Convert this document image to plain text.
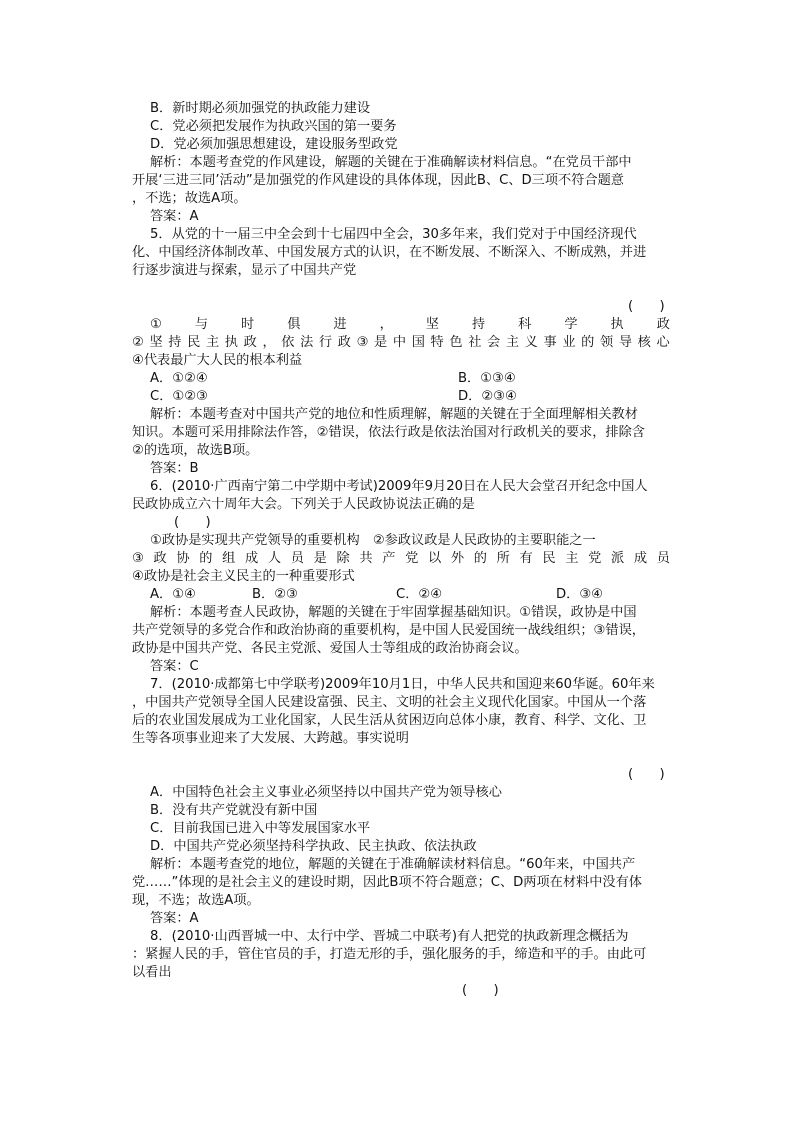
B．新时期必须加强党的执政能力建设
C．党必须把发展作为执政兴国的第一要务
D．党必须加强思想建设，建设服务型政党
解析：本题考查党的作风建设，解题的关键在于准确解读材料信息。“在党员干部中
开展‘三进三同’活动”是加强党的作风建设的具体体现，因此B、C、D三项不符合题意
，不选；故选A项。
答案：A
5．从党的十一届三中全会到十七届四中全会，30多年来，我们党对于中国经济现代
化、中国经济体制改革、中国发展方式的认识，在不断发展、不断深入、不断成熟，并进
行逐步演进与探索，显示了中国共产党
(　　)
①	与	时	俱	进	，	坚	持	科	学	执	政
② 坚 持 民 主 执 政 ， 依 法 行 政 ③ 是 中 国 特 色 社 会 主 义 事 业 的 领 导 核 心
④代表最广大人民的根本利益
A．①②④	B．①③④
C．①②③	D．②③④
解析：本题考查对中国共产党的地位和性质理解，解题的关键在于全面理解相关教材
知识。本题可采用排除法作答，②错误，依法行政是依法治国对行政机关的要求，排除含
②的选项，故选B项。
答案：B
6．(2010·广西南宁第二中学期中考试)2009年9月20日在人民大会堂召开纪念中国人
民政协成立六十周年大会。下列关于人民政协说法正确的是
(　　)
①政协是实现共产党领导的重要机构　②参政议政是人民政协的主要职能之一
③ 政 协 的 组 成 人 员 是 除 共 产 党 以 外 的 所 有 民 主 党 派 成 员
④政协是社会主义民主的一种重要形式
A．①④	B．②③	C．②④	D．③④
解析：本题考查人民政协，解题的关键在于牢固掌握基础知识。①错误，政协是中国
共产党领导的多党合作和政治协商的重要机构，是中国人民爱国统一战线组织；③错误，
政协是中国共产党、各民主党派、爱国人士等组成的政治协商会议。
答案：C
7．(2010·成都第七中学联考)2009年10月1日，中华人民共和国迎来60华诞。60年来
，中国共产党领导全国人民建设富强、民主、文明的社会主义现代化国家。中国从一个落
后的农业国发展成为工业化国家，人民生活从贫困迈向总体小康，教育、科学、文化、卫
生等各项事业迎来了大发展、大跨越。事实说明
(　　)
A．中国特色社会主义事业必须坚持以中国共产党为领导核心
B．没有共产党就没有新中国
C．目前我国已进入中等发展国家水平
D．中国共产党必须坚持科学执政、民主执政、依法执政
解析：本题考查党的地位，解题的关键在于准确解读材料信息。“60年来，中国共产
党……”体现的是社会主义的建设时期，因此B项不符合题意；C、D两项在材料中没有体
现，不选；故选A项。
答案：A
8．(2010·山西晋城一中、太行中学、晋城二中联考)有人把党的执政新理念概括为
：紧握人民的手，管住官员的手，打造无形的手，强化服务的手，缔造和平的手。由此可
以看出
(　　)
